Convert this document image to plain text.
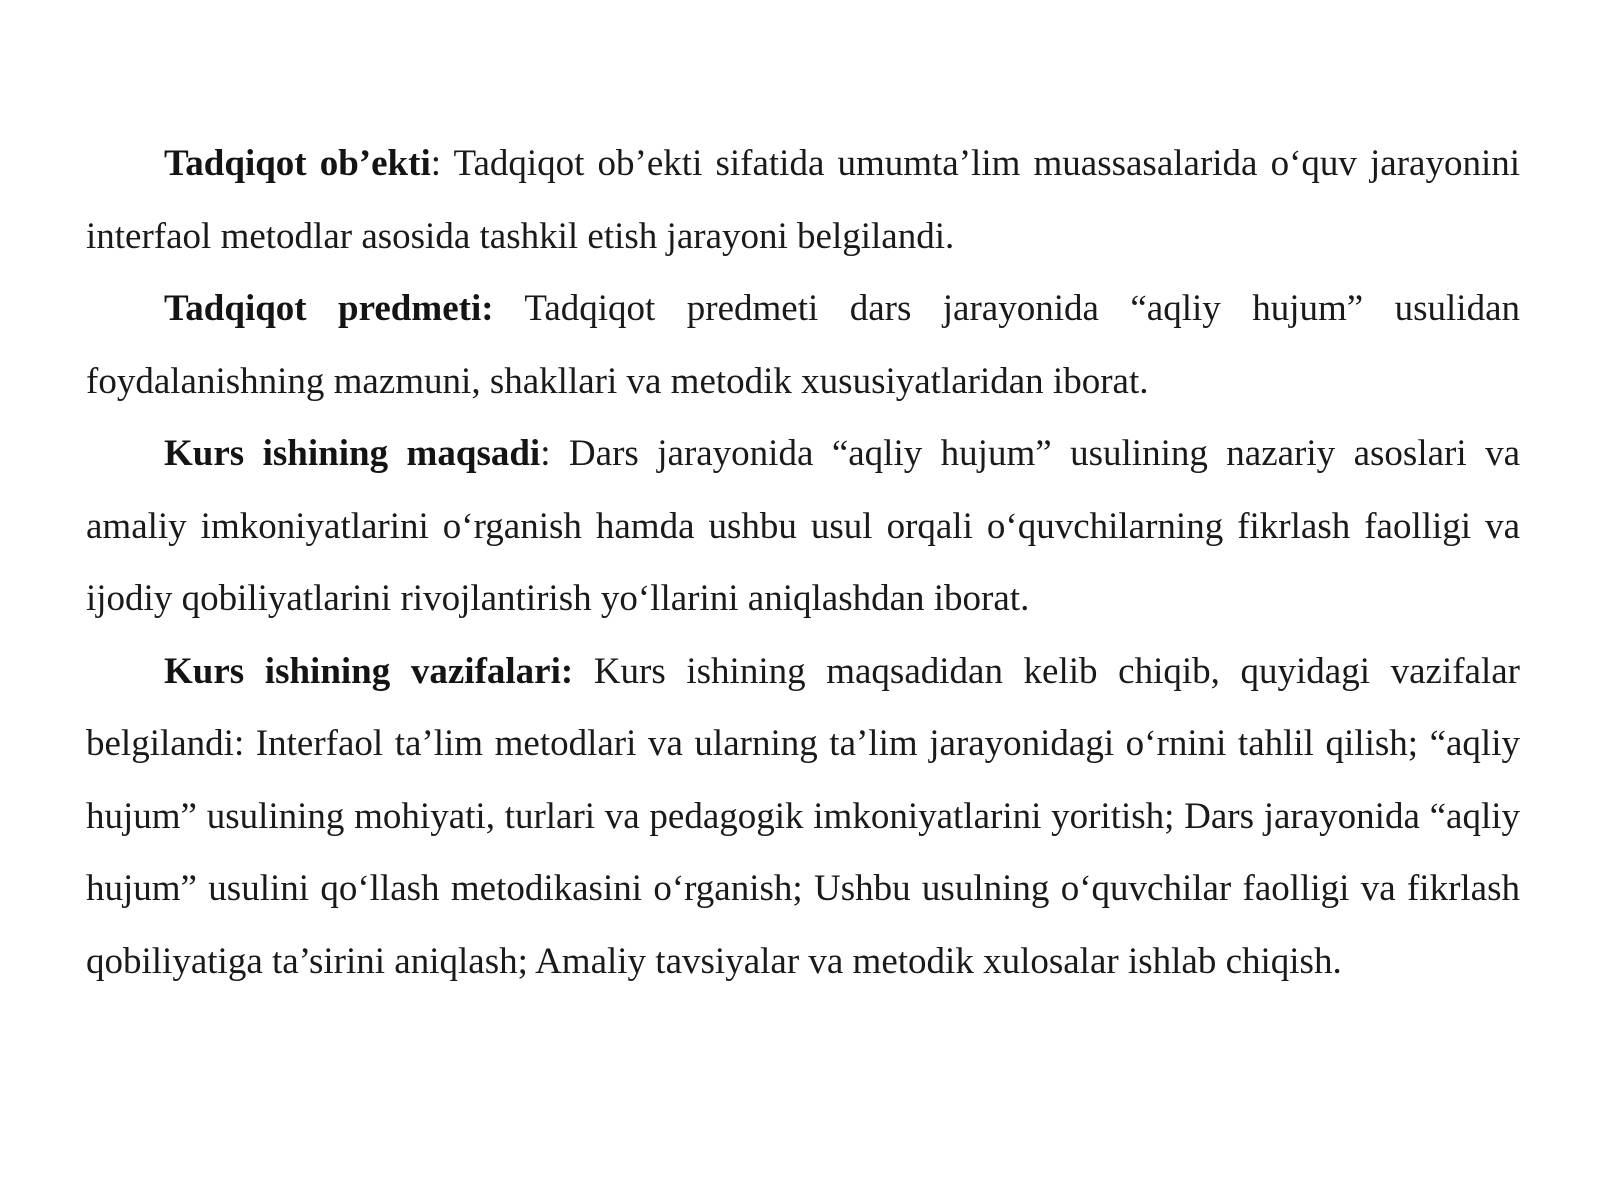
Tadqiqot ob’ekti: Tadqiqot ob’ekti sifatida umumta’lim muassasalarida o‘quv jarayonini interfaol metodlar asosida tashkil etish jarayoni belgilandi.

Tadqiqot predmeti: Tadqiqot predmeti dars jarayonida “aqliy hujum” usulidan foydalanishning mazmuni, shakllari va metodik xususiyatlaridan iborat.

Kurs ishining maqsadi: Dars jarayonida “aqliy hujum” usulining nazariy asoslari va amaliy imkoniyatlarini o‘rganish hamda ushbu usul orqali o‘quvchilarning fikrlash faolligi va ijodiy qobiliyatlarini rivojlantirish yo‘llarini aniqlashdan iborat.

Kurs ishining vazifalari: Kurs ishining maqsadidan kelib chiqib, quyidagi vazifalar belgilandi: Interfaol ta’lim metodlari va ularning ta’lim jarayonidagi o‘rnini tahlil qilish; “aqliy hujum” usulining mohiyati, turlari va pedagogik imkoniyatlarini yoritish; Dars jarayonida “aqliy hujum” usulini qo‘llash metodikasini o‘rganish; Ushbu usulning o‘quvchilar faolligi va fikrlash qobiliyatiga ta’sirini aniqlash; Amaliy tavsiyalar va metodik xulosalar ishlab chiqish.
